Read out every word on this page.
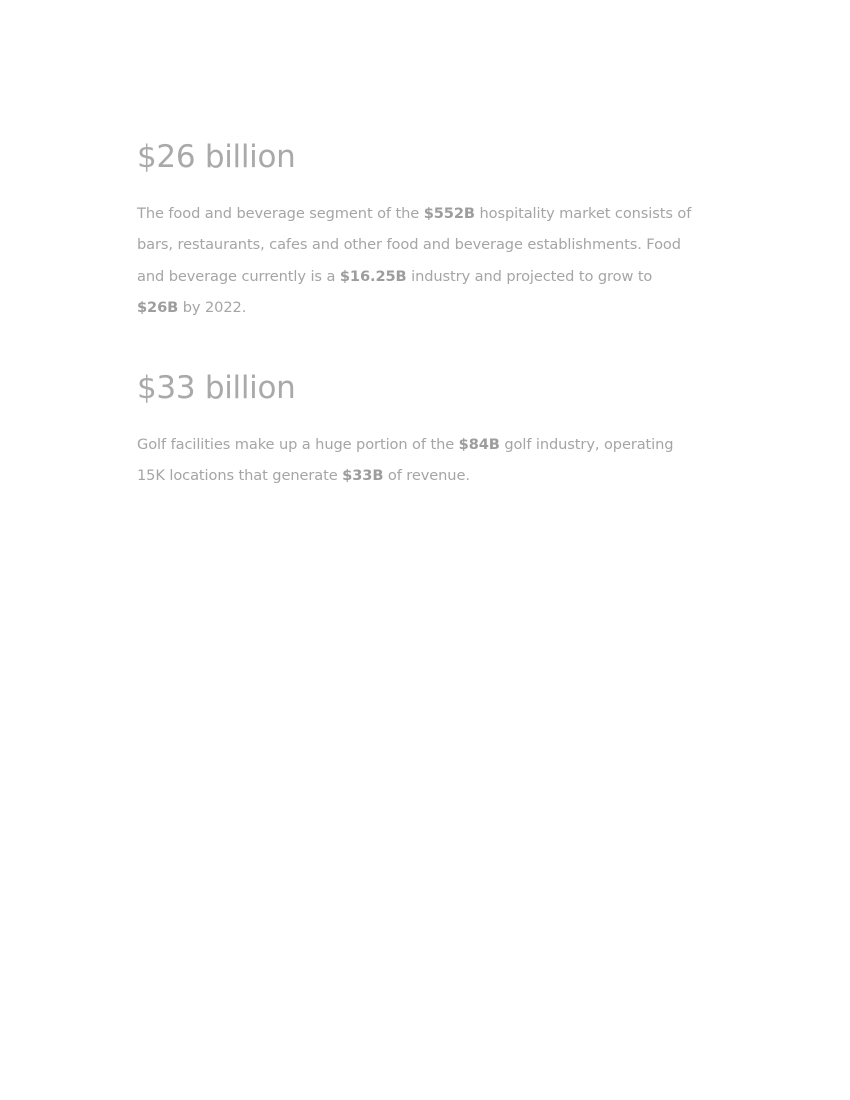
$26 billion

The food and beverage segment of the $552B hospitality market consists of bars, restaurants, cafes and other food and beverage establishments. Food and beverage currently is a $16.25B industry and projected to grow to $26B by 2022.

$33 billion

Golf facilities make up a huge portion of the $84B golf industry, operating 15K locations that generate $33B of revenue.
